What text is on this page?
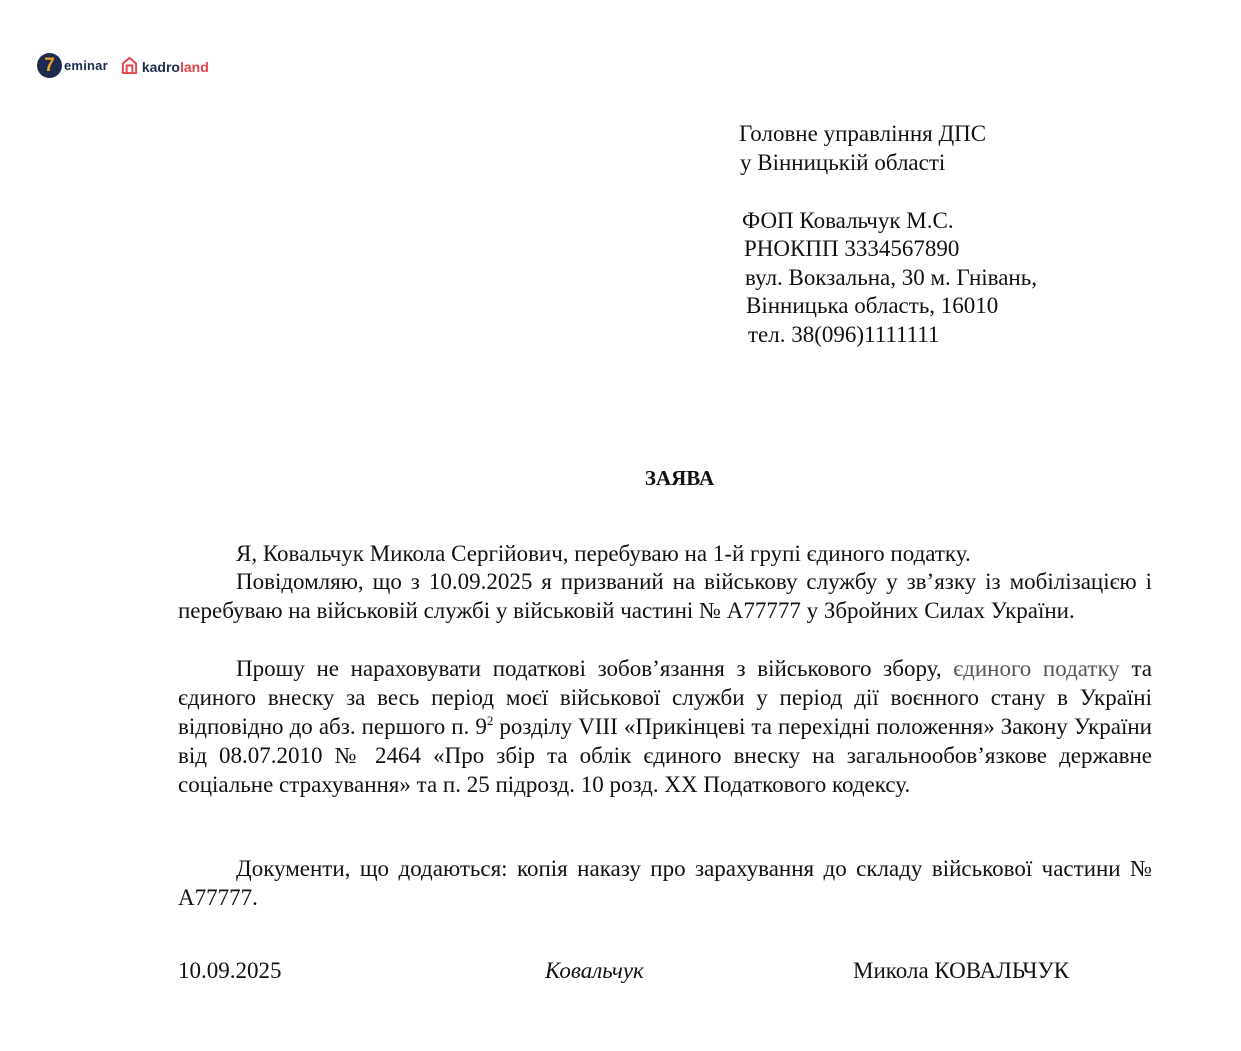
7 eminar kadroland
Головне управління ДПС
у Вінницькій області
ФОП Ковальчук М.С.
РНОКПП 3334567890
вул. Вокзальна, 30 м. Гнівань,
Вінницька область, 16010
тел. 38(096)1111111
ЗАЯВА
Я, Ковальчук Микола Сергійович, перебуваю на 1-й групі єдиного податку.
Повідомляю, що з 10.09.2025 я призваний на військову службу у зв’язку із мобілізацією і перебуваю на військовій службі у військовій частині № А77777 у Збройних Силах України.
Прошу не нараховувати податкові зобов’язання з військового збору, єдиного податку та єдиного внеску за весь період моєї військової служби у період дії воєнного стану в Україні відповідно до абз. першого п. $9^2$ розділу VIII «Прикінцеві та перехідні положення» Закону України від 08.07.2010 № 2464 «Про збір та облік єдиного внеску на загальнообов’язкове державне соціальне страхування» та п. 25 підрозд. 10 розд. XX Податкового кодексу.
Документи, що додаються: копія наказу про зарахування до складу військової частини № А77777.
10.09.2025	Ковальчук	Микола КОВАЛЬЧУК
